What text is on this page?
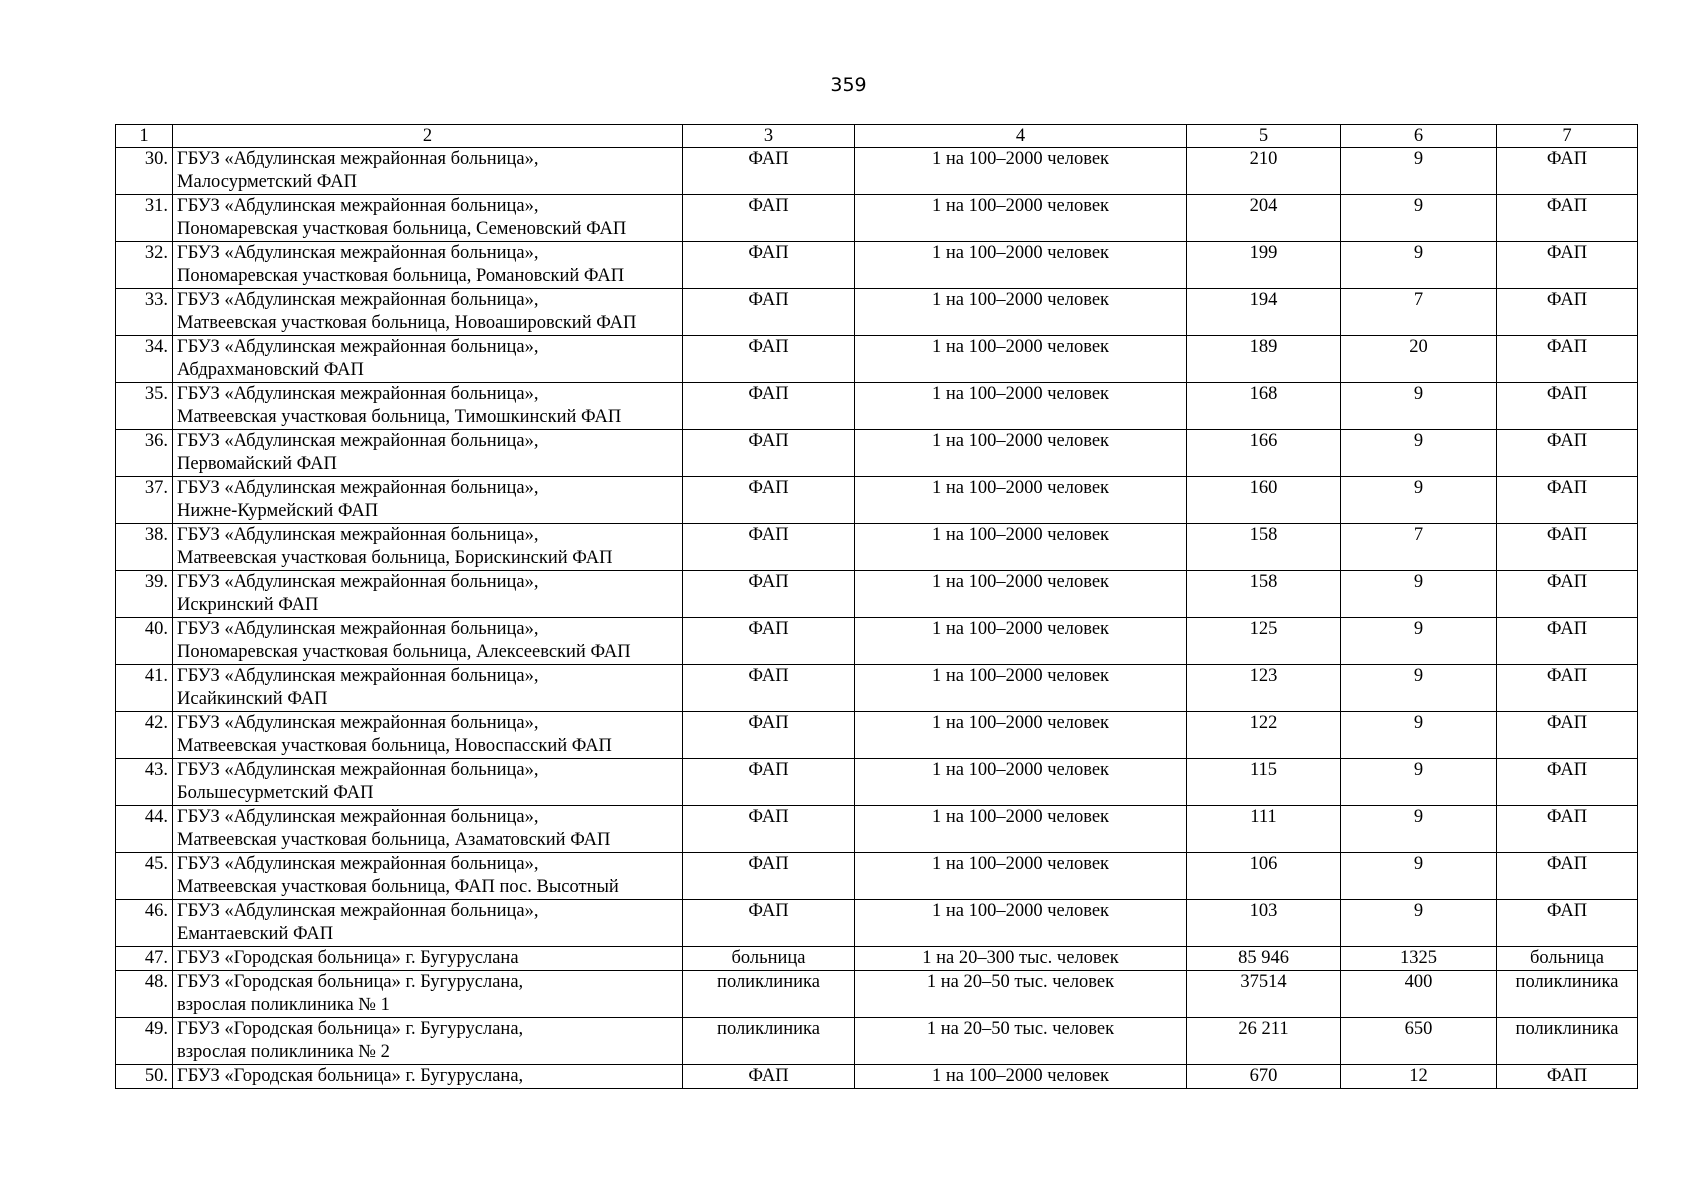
359
1	2	3	4	5	6	7
30.	ГБУЗ «Абдулинская межрайонная больница»,
Малосурметский ФАП	ФАП	1 на 100–2000 человек	210	9	ФАП
31.	ГБУЗ «Абдулинская межрайонная больница»,
Пономаревская участковая больница, Семеновский ФАП	ФАП	1 на 100–2000 человек	204	9	ФАП
32.	ГБУЗ «Абдулинская межрайонная больница»,
Пономаревская участковая больница, Романовский ФАП	ФАП	1 на 100–2000 человек	199	9	ФАП
33.	ГБУЗ «Абдулинская межрайонная больница»,
Матвеевская участковая больница, Новоашировский ФАП	ФАП	1 на 100–2000 человек	194	7	ФАП
34.	ГБУЗ «Абдулинская межрайонная больница»,
Абдрахмановский ФАП	ФАП	1 на 100–2000 человек	189	20	ФАП
35.	ГБУЗ «Абдулинская межрайонная больница»,
Матвеевская участковая больница, Тимошкинский ФАП	ФАП	1 на 100–2000 человек	168	9	ФАП
36.	ГБУЗ «Абдулинская межрайонная больница»,
Первомайский ФАП	ФАП	1 на 100–2000 человек	166	9	ФАП
37.	ГБУЗ «Абдулинская межрайонная больница»,
Нижне-Курмейский ФАП	ФАП	1 на 100–2000 человек	160	9	ФАП
38.	ГБУЗ «Абдулинская межрайонная больница»,
Матвеевская участковая больница, Борискинский ФАП	ФАП	1 на 100–2000 человек	158	7	ФАП
39.	ГБУЗ «Абдулинская межрайонная больница»,
Искринский ФАП	ФАП	1 на 100–2000 человек	158	9	ФАП
40.	ГБУЗ «Абдулинская межрайонная больница»,
Пономаревская участковая больница, Алексеевский ФАП	ФАП	1 на 100–2000 человек	125	9	ФАП
41.	ГБУЗ «Абдулинская межрайонная больница»,
Исайкинский ФАП	ФАП	1 на 100–2000 человек	123	9	ФАП
42.	ГБУЗ «Абдулинская межрайонная больница»,
Матвеевская участковая больница, Новоспасский ФАП	ФАП	1 на 100–2000 человек	122	9	ФАП
43.	ГБУЗ «Абдулинская межрайонная больница»,
Большесурметский ФАП	ФАП	1 на 100–2000 человек	115	9	ФАП
44.	ГБУЗ «Абдулинская межрайонная больница»,
Матвеевская участковая больница, Азаматовский ФАП	ФАП	1 на 100–2000 человек	111	9	ФАП
45.	ГБУЗ «Абдулинская межрайонная больница»,
Матвеевская участковая больница, ФАП пос. Высотный	ФАП	1 на 100–2000 человек	106	9	ФАП
46.	ГБУЗ «Абдулинская межрайонная больница»,
Емантаевский ФАП	ФАП	1 на 100–2000 человек	103	9	ФАП
47.	ГБУЗ «Городская больница» г. Бугуруслана	больница	1 на 20–300 тыс. человек	85 946	1325	больница
48.	ГБУЗ «Городская больница» г. Бугуруслана,
взрослая поликлиника № 1	поликлиника	1 на 20–50 тыс. человек	37514	400	поликлиника
49.	ГБУЗ «Городская больница» г. Бугуруслана,
взрослая поликлиника № 2	поликлиника	1 на 20–50 тыс. человек	26 211	650	поликлиника
50.	ГБУЗ «Городская больница» г. Бугуруслана,	ФАП	1 на 100–2000 человек	670	12	ФАП
